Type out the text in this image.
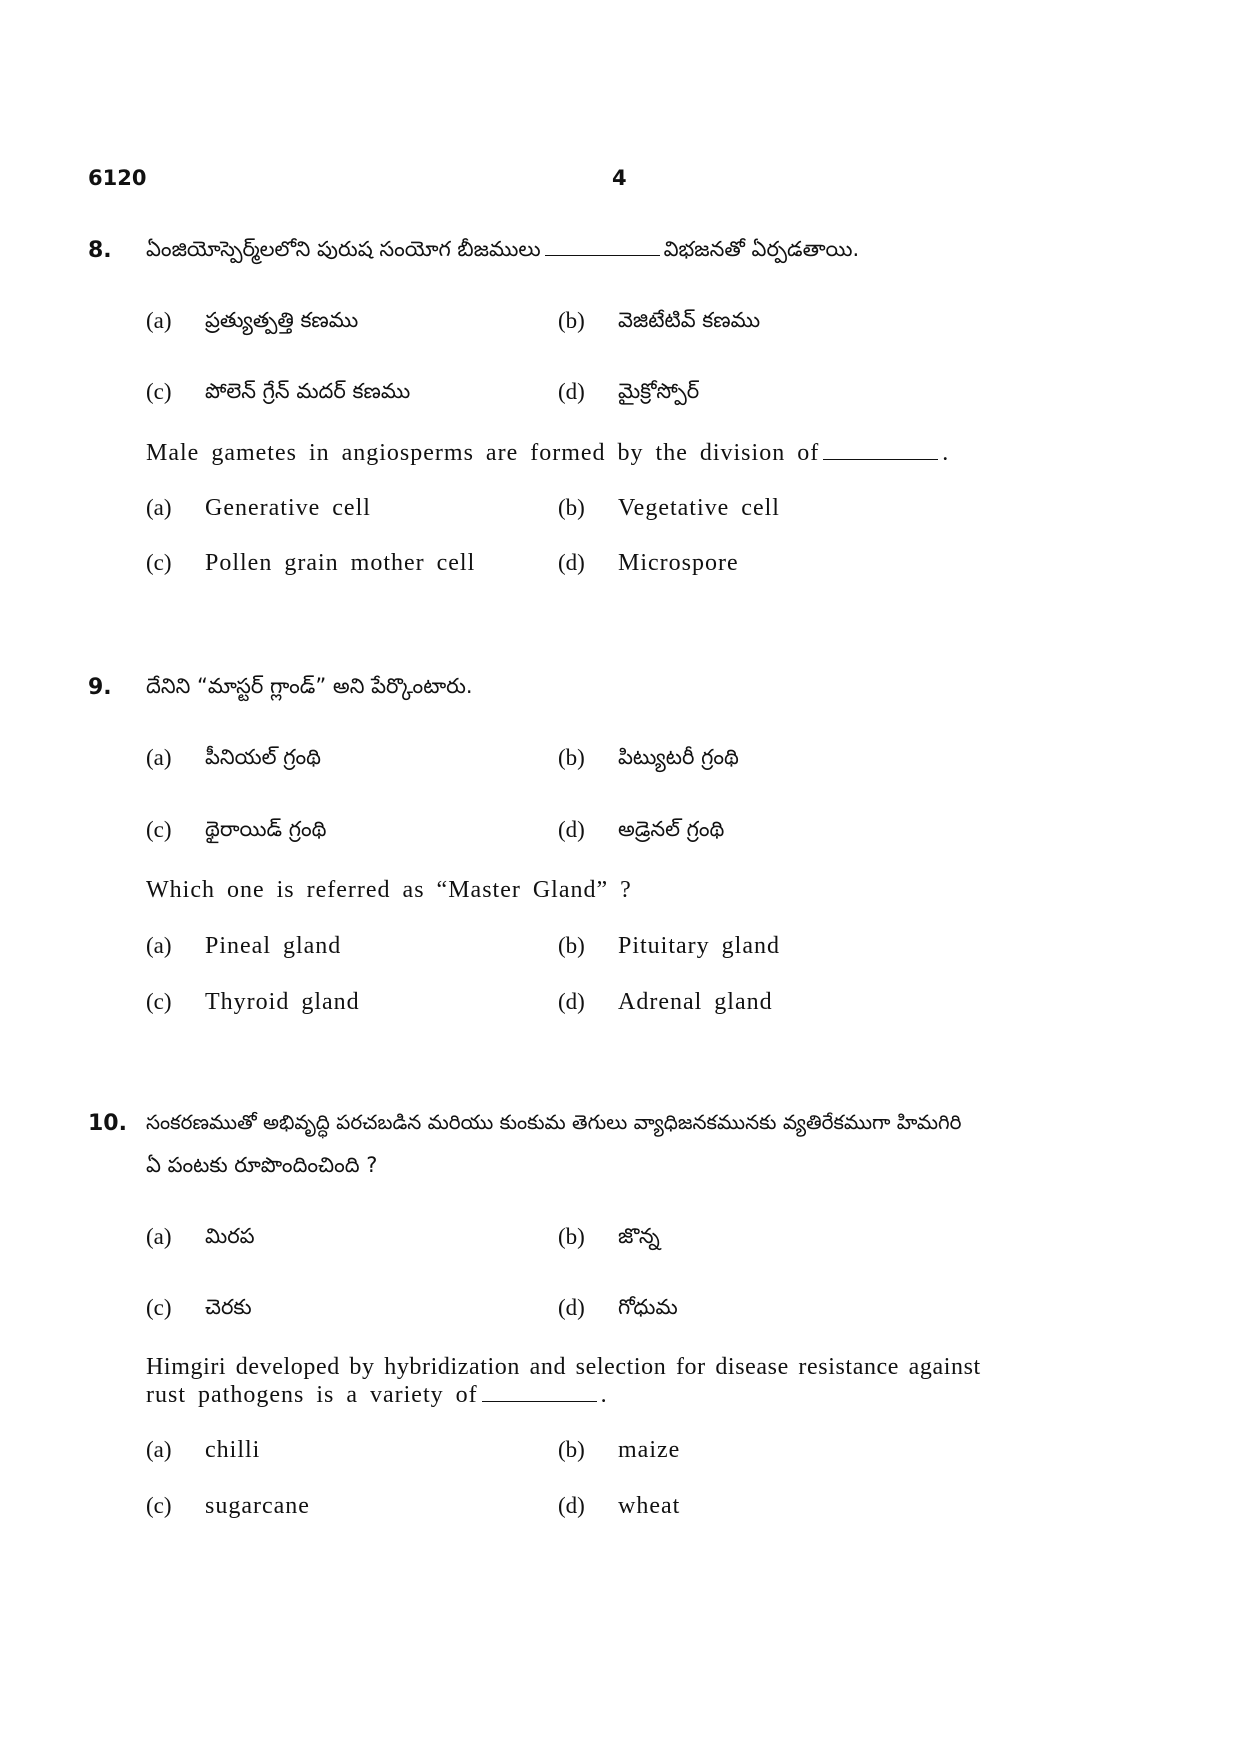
6120	4
8. ఏంజియోస్పెర్మ్‌లలోని పురుష సంయోగ బీజములు	విభజనతో ఏర్పడతాయి.
(a) ప్రత్యుత్పత్తి కణము	(b) వెజిటేటివ్ కణము
(c) పోలెన్ గ్రేన్ మదర్ కణము	(d) మైక్రోస్పోర్
Male gametes in angiosperms are formed by the division of	.
(a) Generative cell	(b) Vegetative cell
(c) Pollen grain mother cell	(d) Microspore
9. దేనిని “మాస్టర్ గ్లాండ్” అని పేర్కొంటారు.
(a) పీనియల్ గ్రంథి	(b) పిట్యుటరీ గ్రంథి
(c) థైరాయిడ్ గ్రంథి	(d) అడ్రెనల్ గ్రంథి
Which one is referred as “Master Gland” ?
(a) Pineal gland	(b) Pituitary gland
(c) Thyroid gland	(d) Adrenal gland
10. సంకరణముతో అభివృద్ధి పరచబడిన మరియు కుంకుమ తెగులు వ్యాధిజనకమునకు వ్యతిరేకముగా హిమగిరి
ఏ పంటకు రూపొందించింది ?
(a) మిరప	(b) జొన్న
(c) చెరకు	(d) గోధుమ
Himgiri developed by hybridization and selection for disease resistance against
rust pathogens is a variety of	.
(a) chilli	(b) maize
(c) sugarcane	(d) wheat
